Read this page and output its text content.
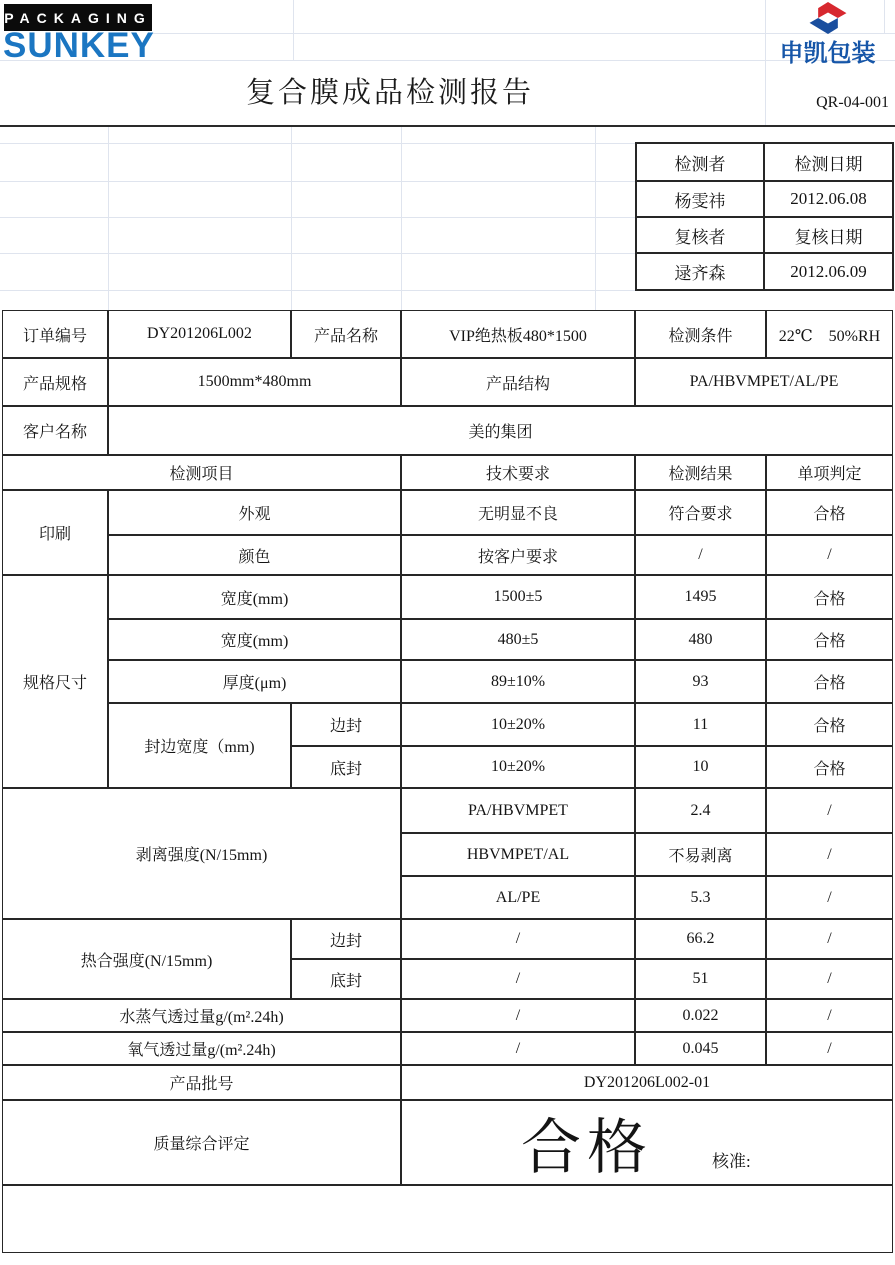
PACKAGING
SUNKEY	申凯包装
复合膜成品检测报告	QR-04-001
检测者	检测日期
杨雯祎	2012.06.08
复核者	复核日期
逯齐森	2012.06.09
订单编号	DY201206L002	产品名称	VIP绝热板480*1500	检测条件	22℃　50%RH
产品规格	1500mm*480mm	产品结构	PA/HBVMPET/AL/PE
客户名称	美的集团
检测项目	技术要求	检测结果	单项判定
印刷
外观	无明显不良	符合要求	合格
颜色	按客户要求	/	/
规格尺寸
宽度(mm)	1500±5	1495	合格
宽度(mm)	480±5	480	合格
厚度(μm)	89±10%	93	合格
封边宽度（mm)
边封	10±20%	11	合格
底封	10±20%	10	合格
剥离强度(N/15mm)
PA/HBVMPET	2.4	/
HBVMPET/AL	不易剥离	/
AL/PE	5.3	/
热合强度(N/15mm)
边封	/	66.2	/
底封	/	51	/
水蒸气透过量g/(m².24h)	/	0.022	/
氧气透过量g/(m².24h)	/	0.045	/
产品批号	DY201206L002-01
质量综合评定	合格	核准:
